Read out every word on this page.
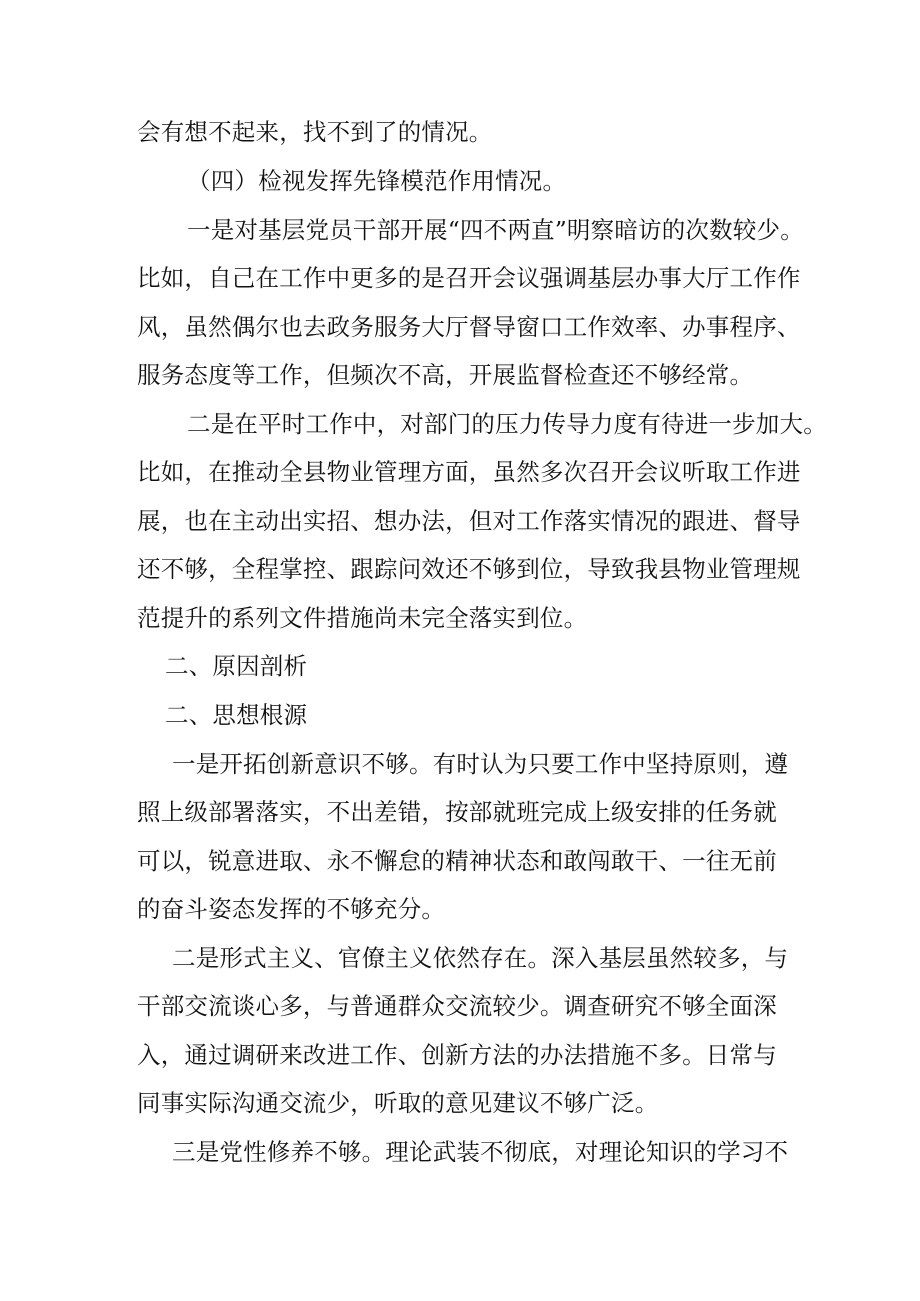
会有想不起来，找不到了的情况。
（四）检视发挥先锋模范作用情况。
一是对基层党员干部开展“四不两直”明察暗访的次数较少。
比如，自己在工作中更多的是召开会议强调基层办事大厅工作作
风，虽然偶尔也去政务服务大厅督导窗口工作效率、办事程序、
服务态度等工作，但频次不高，开展监督检查还不够经常。
二是在平时工作中，对部门的压力传导力度有待进一步加大。
比如，在推动全县物业管理方面，虽然多次召开会议听取工作进
展，也在主动出实招、想办法，但对工作落实情况的跟进、督导
还不够，全程掌控、跟踪问效还不够到位，导致我县物业管理规
范提升的系列文件措施尚未完全落实到位。
二、原因剖析
二、思想根源
一是开拓创新意识不够。有时认为只要工作中坚持原则，遵
照上级部署落实，不出差错，按部就班完成上级安排的任务就
可以，锐意进取、永不懈怠的精神状态和敢闯敢干、一往无前
的奋斗姿态发挥的不够充分。
二是形式主义、官僚主义依然存在。深入基层虽然较多，与
干部交流谈心多，与普通群众交流较少。调查研究不够全面深
入，通过调研来改进工作、创新方法的办法措施不多。日常与
同事实际沟通交流少，听取的意见建议不够广泛。
三是党性修养不够。理论武装不彻底，对理论知识的学习不
